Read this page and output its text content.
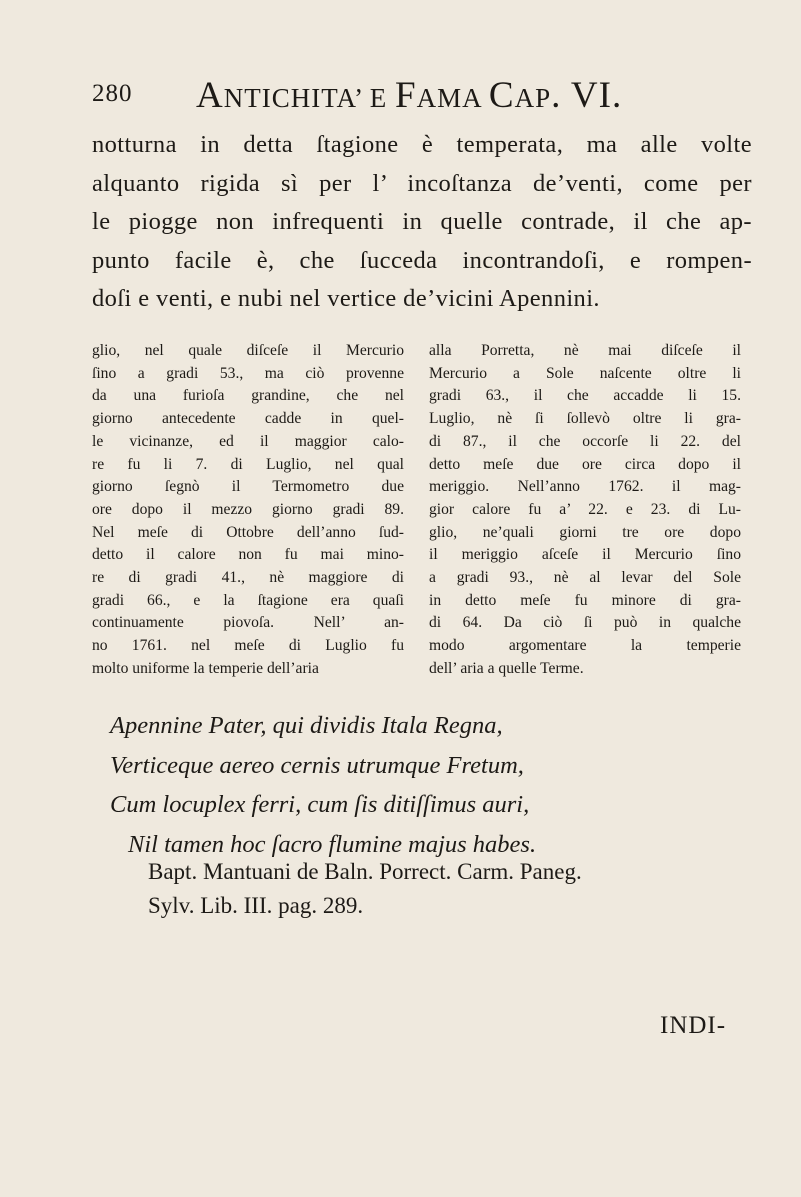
280 ANTICHITA’ E FAMA CAP. VI.
notturna in detta ſtagione è temperata, ma alle volte
alquanto rigida sì per l’ incoſtanza de’venti, come per
le piogge non infrequenti in quelle contrade, il che ap-
punto facile è, che ſucceda incontrandoſi, e rompen-
doſi e venti, e nubi nel vertice de’vicini Apennini.
glio, nel quale diſceſe il Mercurio
ſino a gradi 53., ma ciò provenne
da una furioſa grandine, che nel
giorno antecedente cadde in quel-
le vicinanze, ed il maggior calo-
re fu li 7. di Luglio, nel qual
giorno ſegnò il Termometro due
ore dopo il mezzo giorno gradi 89.
Nel meſe di Ottobre dell’anno ſud-
detto il calore non fu mai mino-
re di gradi 41., nè maggiore di
gradi 66., e la ſtagione era quaſi
continuamente piovoſa. Nell’ an-
no 1761. nel meſe di Luglio fu
molto uniforme la temperie dell’aria
alla Porretta, nè mai diſceſe il
Mercurio a Sole naſcente oltre li
gradi 63., il che accadde li 15.
Luglio, nè ſi ſollevò oltre li gra-
di 87., il che occorſe li 22. del
detto meſe due ore circa dopo il
meriggio. Nell’anno 1762. il mag-
gior calore fu a’ 22. e 23. di Lu-
glio, ne’quali giorni tre ore dopo
il meriggio aſceſe il Mercurio ſino
a gradi 93., nè al levar del Sole
in detto meſe fu minore di gra-
di 64. Da ciò ſi può in qualche
modo argomentare la temperie
dell’ aria a quelle Terme.
Apennine Pater, qui dividis Itala Regna,
Verticeque aereo cernis utrumque Fretum,
Cum locuplex ferri, cum ſis ditiſſimus auri,
Nil tamen hoc ſacro flumine majus habes.
Bapt. Mantuani de Baln. Porrect. Carm. Paneg.
Sylv. Lib. III. pag. 289.
INDI-
